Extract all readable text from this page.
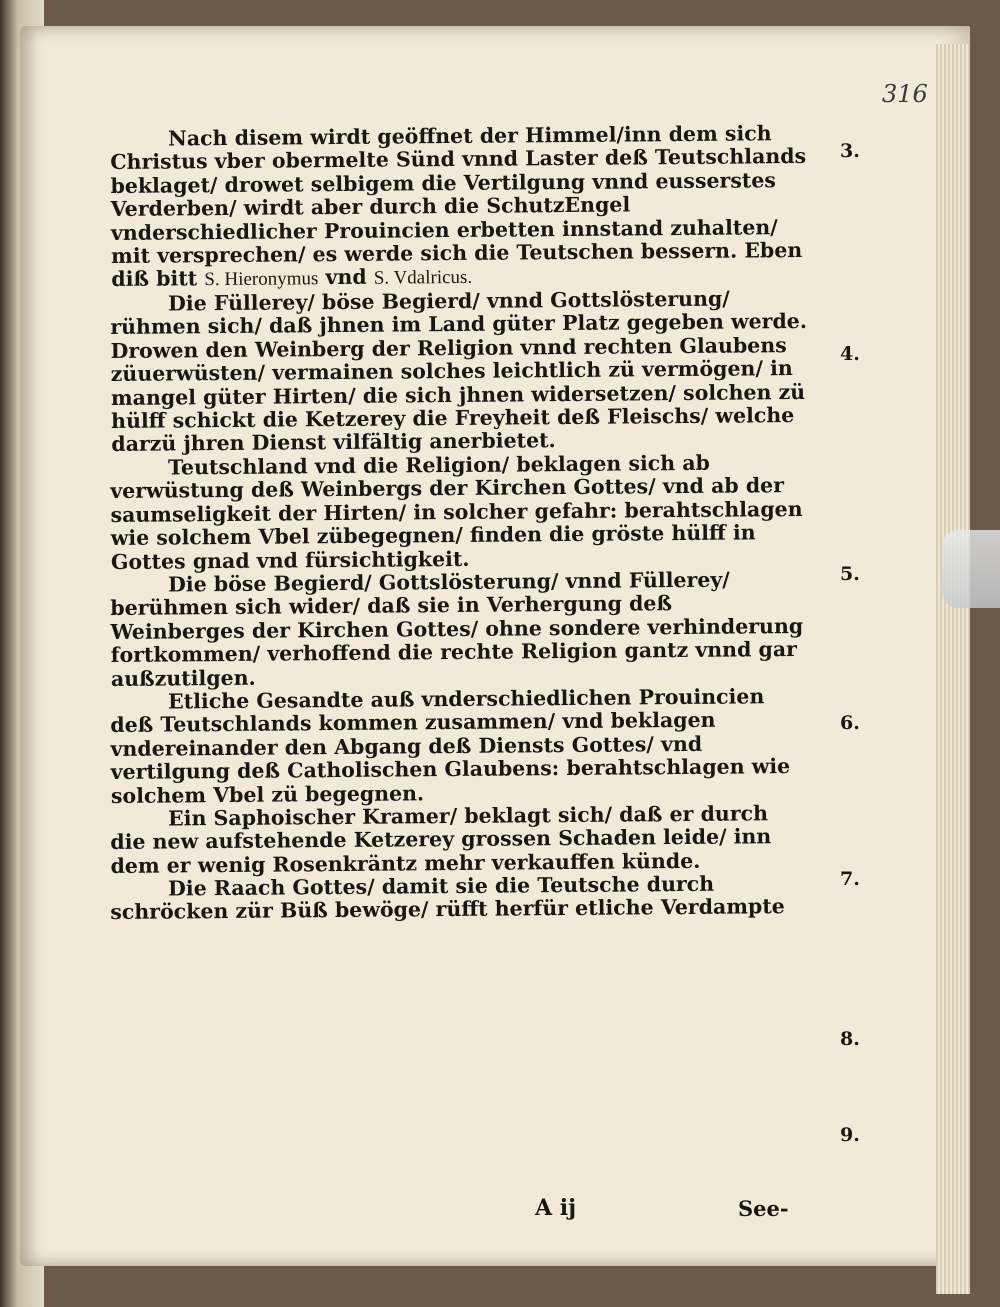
316

Nach disem wirdt geöffnet der Himmel/inn dem sich Christus vber obermelte Sünd vnnd Laster deß Teutschlands beklaget/ drowet selbigem die Vertilgung vnnd eusserstes Verderben/ wirdt aber durch die SchutzEngel vnderschiedlicher Prouincien erbetten innstand zuhalten/ mit versprechen/ es werde sich die Teutschen bessern. Eben diß bitt S. Hieronymus vnd S. Vdalricus.

Die Füllerey/ böse Begierd/ vnnd Gottslösterung/ rühmen sich/ daß jhnen im Land güter Platz gegeben werde. Drowen den Weinberg der Religion vnnd rechten Glaubens züuerwüsten/ vermainen solches leichtlich zü vermögen/ in mangel güter Hirten/ die sich jhnen widersetzen/ solchen zü hülff schickt die Ketzerey die Freyheit deß Fleischs/ welche darzü jhren Dienst vilfältig anerbietet.

Teutschland vnd die Religion/ beklagen sich ab verwüstung deß Weinbergs der Kirchen Gottes/ vnd ab der saumseligkeit der Hirten/ in solcher gefahr: berahtschlagen wie solchem Vbel zübegegnen/ finden die gröste hülff in Gottes gnad vnd fürsichtigkeit.

Die böse Begierd/ Gottslösterung/ vnnd Füllerey/ berühmen sich wider/ daß sie in Verhergung deß Weinberges der Kirchen Gottes/ ohne sondere verhinderung fortkommen/ verhoffend die rechte Religion gantz vnnd gar außzutilgen.

Etliche Gesandte auß vnderschiedlichen Prouincien deß Teutschlands kommen zusammen/ vnd beklagen vndereinander den Abgang deß Diensts Gottes/ vnd vertilgung deß Catholischen Glaubens: berahtschlagen wie solchem Vbel zü begegnen.

Ein Saphoischer Kramer/ beklagt sich/ daß er durch die new aufstehende Ketzerey grossen Schaden leide/ inn dem er wenig Rosenkräntz mehr verkauffen künde.

Die Raach Gottes/ damit sie die Teutsche durch schröcken zür Büß bewöge/ rüfft herfür etliche Verdampte

3.

4.

5.

6.

7.

8.

9.

A ij	See-
